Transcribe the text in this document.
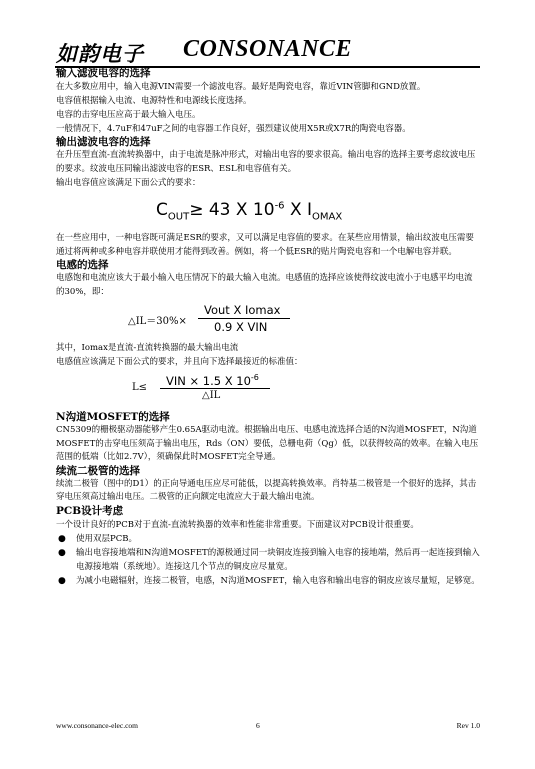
如韵电子 CONSONANCE

输入滤波电容的选择

在大多数应用中，输入电源VIN需要一个滤波电容。最好是陶瓷电容，靠近VIN管脚和GND放置。

电容值根据输入电流、电源特性和电源线长度选择。

电容的击穿电压应高于最大输入电压。

一般情况下，4.7uF和47uF之间的电容器工作良好，强烈建议使用X5R或X7R的陶瓷电容器。

输出滤波电容的选择

在升压型直流-直流转换器中，由于电流是脉冲形式，对输出电容的要求很高。输出电容的选择主要考虑纹波电压的要求。纹波电压同输出滤波电容的ESR、ESL和电容值有关。

输出电容值应该满足下面公式的要求：

$C_{OUT}\ge 43$ X $10^{-6}$ X $I_{OMAX}$

在一些应用中，一种电容既可满足ESR的要求，又可以满足电容值的要求。在某些应用情景，输出纹波电压需要通过将两种或多种电容并联使用才能得到改善。例如，将一个低ESR的贴片陶瓷电容和一个电解电容并联。

电感的选择

电感饱和电流应该大于最小输入电压情况下的最大输入电流。电感值的选择应该使得纹波电流小于电感平均电流的30%，即：

△IL＝30%×
Vout X Iomax
0.9 X VIN

其中，Iomax是直流-直流转换器的最大输出电流

电感值应该满足下面公式的要求，并且向下选择最接近的标准值：

L≤ VIN × 1.5 X $10^{-6}$
△IL

N沟道MOSFET的选择

CN5309的栅极驱动器能够产生0.65A驱动电流。根据输出电压、电感电流选择合适的N沟道MOSFET，N沟道MOSFET的击穿电压须高于输出电压，Rds（ON）要低，总栅电荷（Qg）低，以获得较高的效率。在输入电压范围的低端（比如2.7V），须确保此时MOSFET完全导通。

续流二极管的选择

续流二极管（图中的D1）的正向导通电压应尽可能低，以提高转换效率。肖特基二极管是一个很好的选择，其击穿电压须高过输出电压。二极管的正向额定电流应大于最大输出电流。

PCB设计考虑

一个设计良好的PCB对于直流-直流转换器的效率和性能非常重要。下面建议对PCB设计很重要。

● 使用双层PCB。
● 输出电容接地端和N沟道MOSFET的源极通过同一块铜皮连接到输入电容的接地端，然后再一起连接到输入电源接地端（系统地）。连接这几个节点的铜皮应尽量宽。
● 为减小电磁辐射，连接二极管，电感，N沟道MOSFET，输入电容和输出电容的铜皮应该尽量短，足够宽。
www.consonance-elec.com	6	Rev 1.0
